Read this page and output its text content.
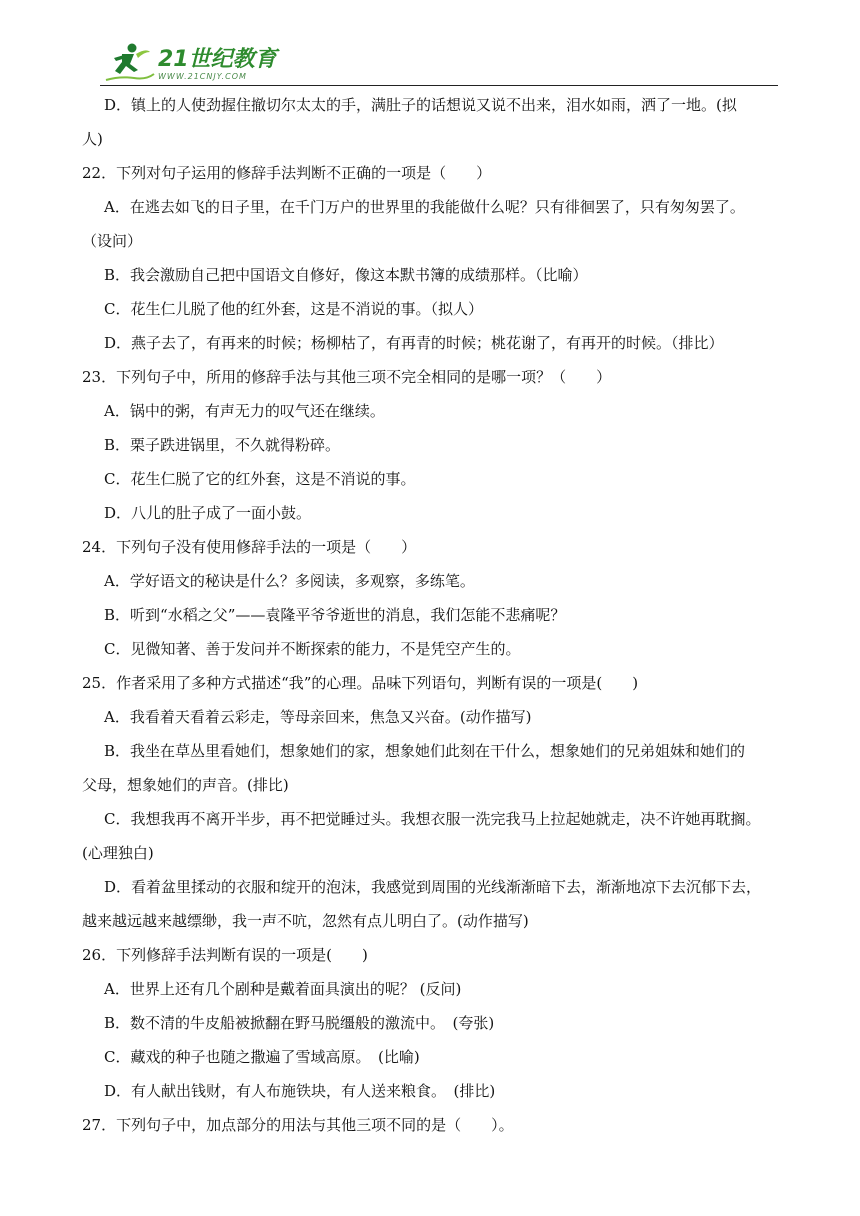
21世纪教育
WWW.21CNJY.COM
D．镇上的人使劲握住撤切尔太太的手，满肚子的话想说又说不出来，泪水如雨，洒了一地。(拟
人)
22．下列对句子运用的修辞手法判断不正确的一项是（　　）
A．在逃去如飞的日子里，在千门万户的世界里的我能做什么呢？只有徘徊罢了，只有匆匆罢了。
（设问）
B．我会激励自己把中国语文自修好，像这本默书簿的成绩那样。（比喻）
C．花生仁儿脱了他的红外套，这是不消说的事。（拟人）
D．燕子去了，有再来的时候；杨柳枯了，有再青的时候；桃花谢了，有再开的时候。（排比）
23．下列句子中，所用的修辞手法与其他三项不完全相同的是哪一项？（　　）
A．锅中的粥，有声无力的叹气还在继续。
B．栗子跌进锅里，不久就得粉碎。
C．花生仁脱了它的红外套，这是不消说的事。
D．八儿的肚子成了一面小鼓。
24．下列句子没有使用修辞手法的一项是（　　）
A．学好语文的秘诀是什么？多阅读，多观察，多练笔。
B．听到“水稻之父”——袁隆平爷爷逝世的消息，我们怎能不悲痛呢？
C．见微知著、善于发问并不断探索的能力，不是凭空产生的。
25．作者采用了多种方式描述“我”的心理。品味下列语句，判断有误的一项是(　　)
A．我看着天看着云彩走，等母亲回来，焦急又兴奋。(动作描写)
B．我坐在草丛里看她们，想象她们的家，想象她们此刻在干什么，想象她们的兄弟姐妹和她们的
父母，想象她们的声音。(排比)
C．我想我再不离开半步，再不把觉睡过头。我想衣服一洗完我马上拉起她就走，决不许她再耽搁。
(心理独白)
D．看着盆里揉动的衣服和绽开的泡沫，我感觉到周围的光线渐渐暗下去，渐渐地凉下去沉郁下去，
越来越远越来越缥缈，我一声不吭，忽然有点儿明白了。(动作描写)
26．下列修辞手法判断有误的一项是(　　)
A．世界上还有几个剧种是戴着面具演出的呢？ (反问)
B．数不清的牛皮船被掀翻在野马脱缰般的激流中。　(夸张)
C．藏戏的种子也随之撒遍了雪域高原。　(比喻)
D．有人献出钱财，有人布施铁块，有人送来粮食。　(排比)
27．下列句子中，加点部分的用法与其他三项不同的是（　　）。
